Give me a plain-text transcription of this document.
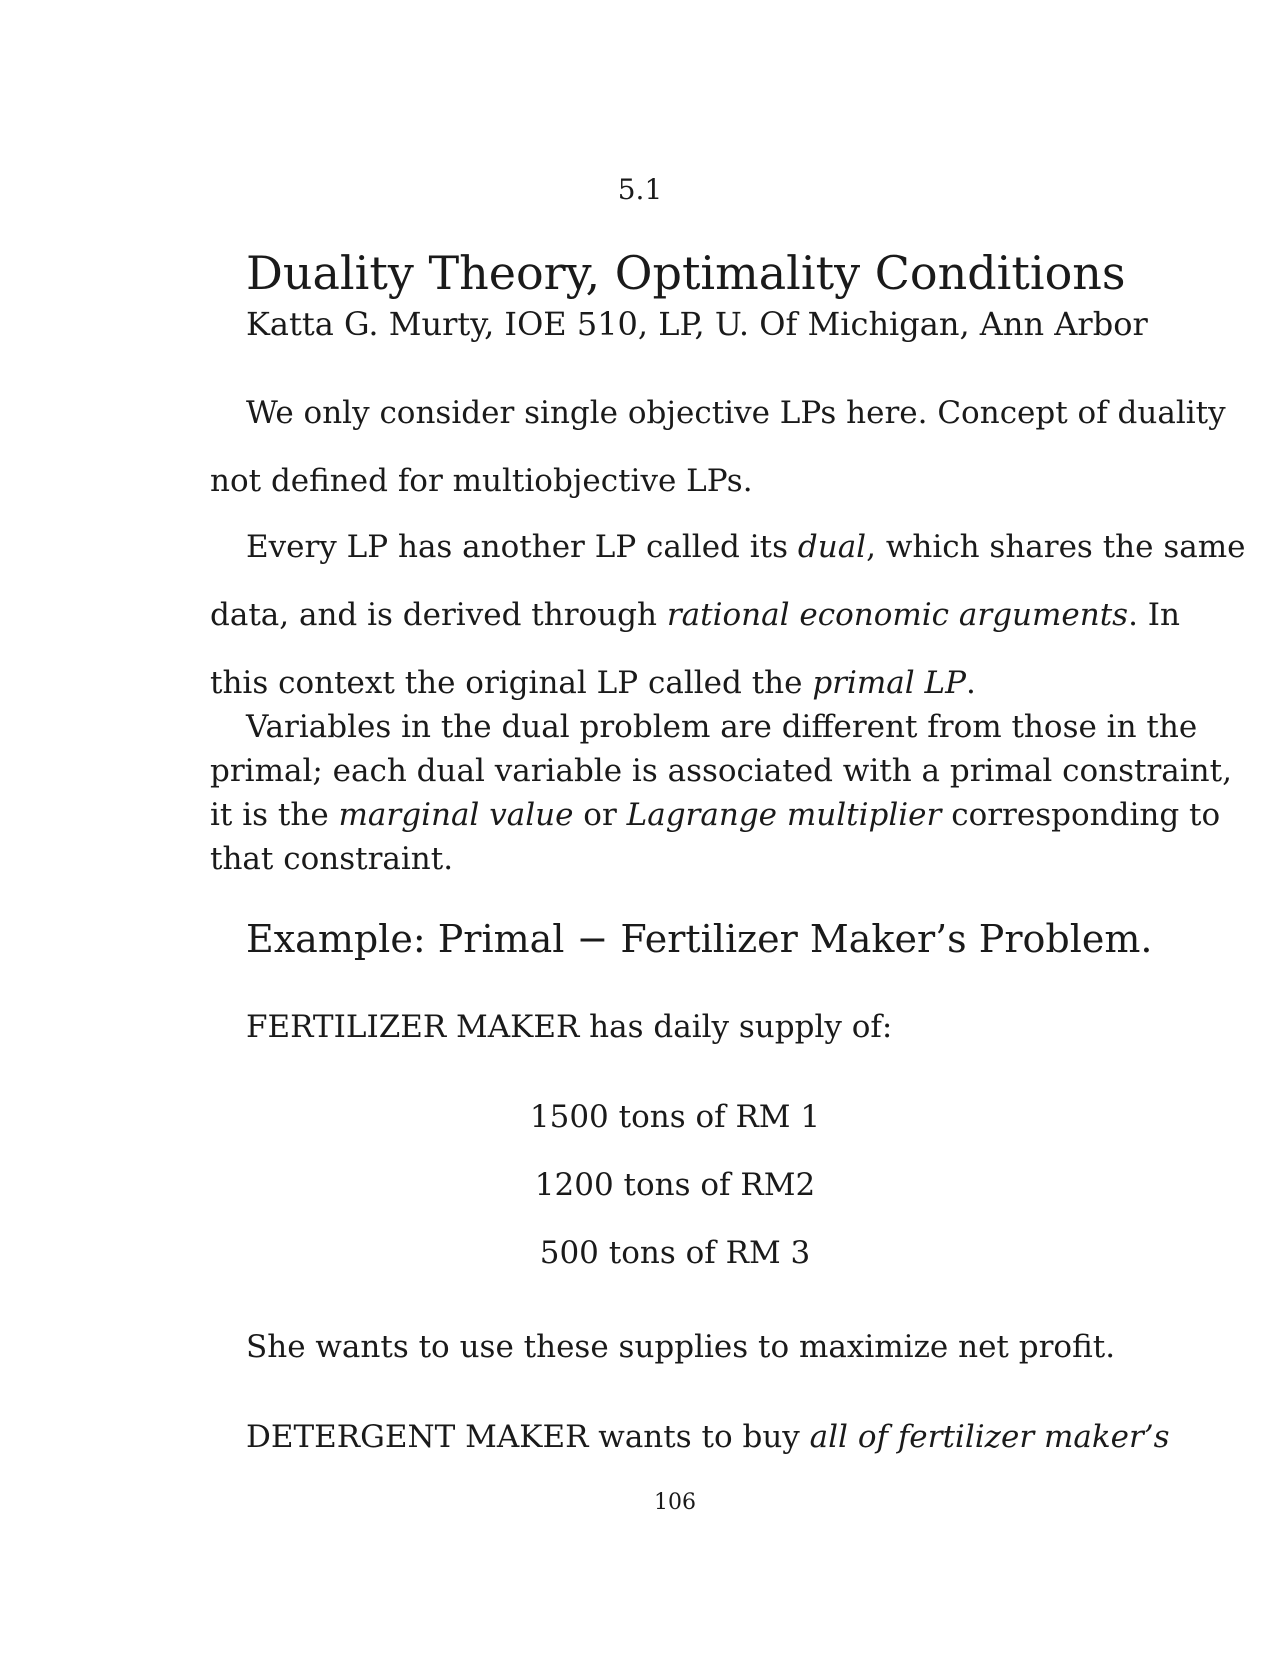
5.1
Duality Theory, Optimality Conditions
Katta G. Murty, IOE 510, LP, U. Of Michigan, Ann Arbor
We only consider single objective LPs here. Concept of duality
not defined for multiobjective LPs.
Every LP has another LP called its dual, which shares the same
data, and is derived through rational economic arguments. In
this context the original LP called the primal LP.
Variables in the dual problem are different from those in the
primal; each dual variable is associated with a primal constraint,
it is the marginal value or Lagrange multiplier corresponding to
that constraint.
Example: Primal − Fertilizer Maker’s Problem.
FERTILIZER MAKER has daily supply of:
1500 tons of RM 1
1200 tons of RM2
500 tons of RM 3
She wants to use these supplies to maximize net profit.
DETERGENT MAKER wants to buy all of fertilizer maker’s
106
